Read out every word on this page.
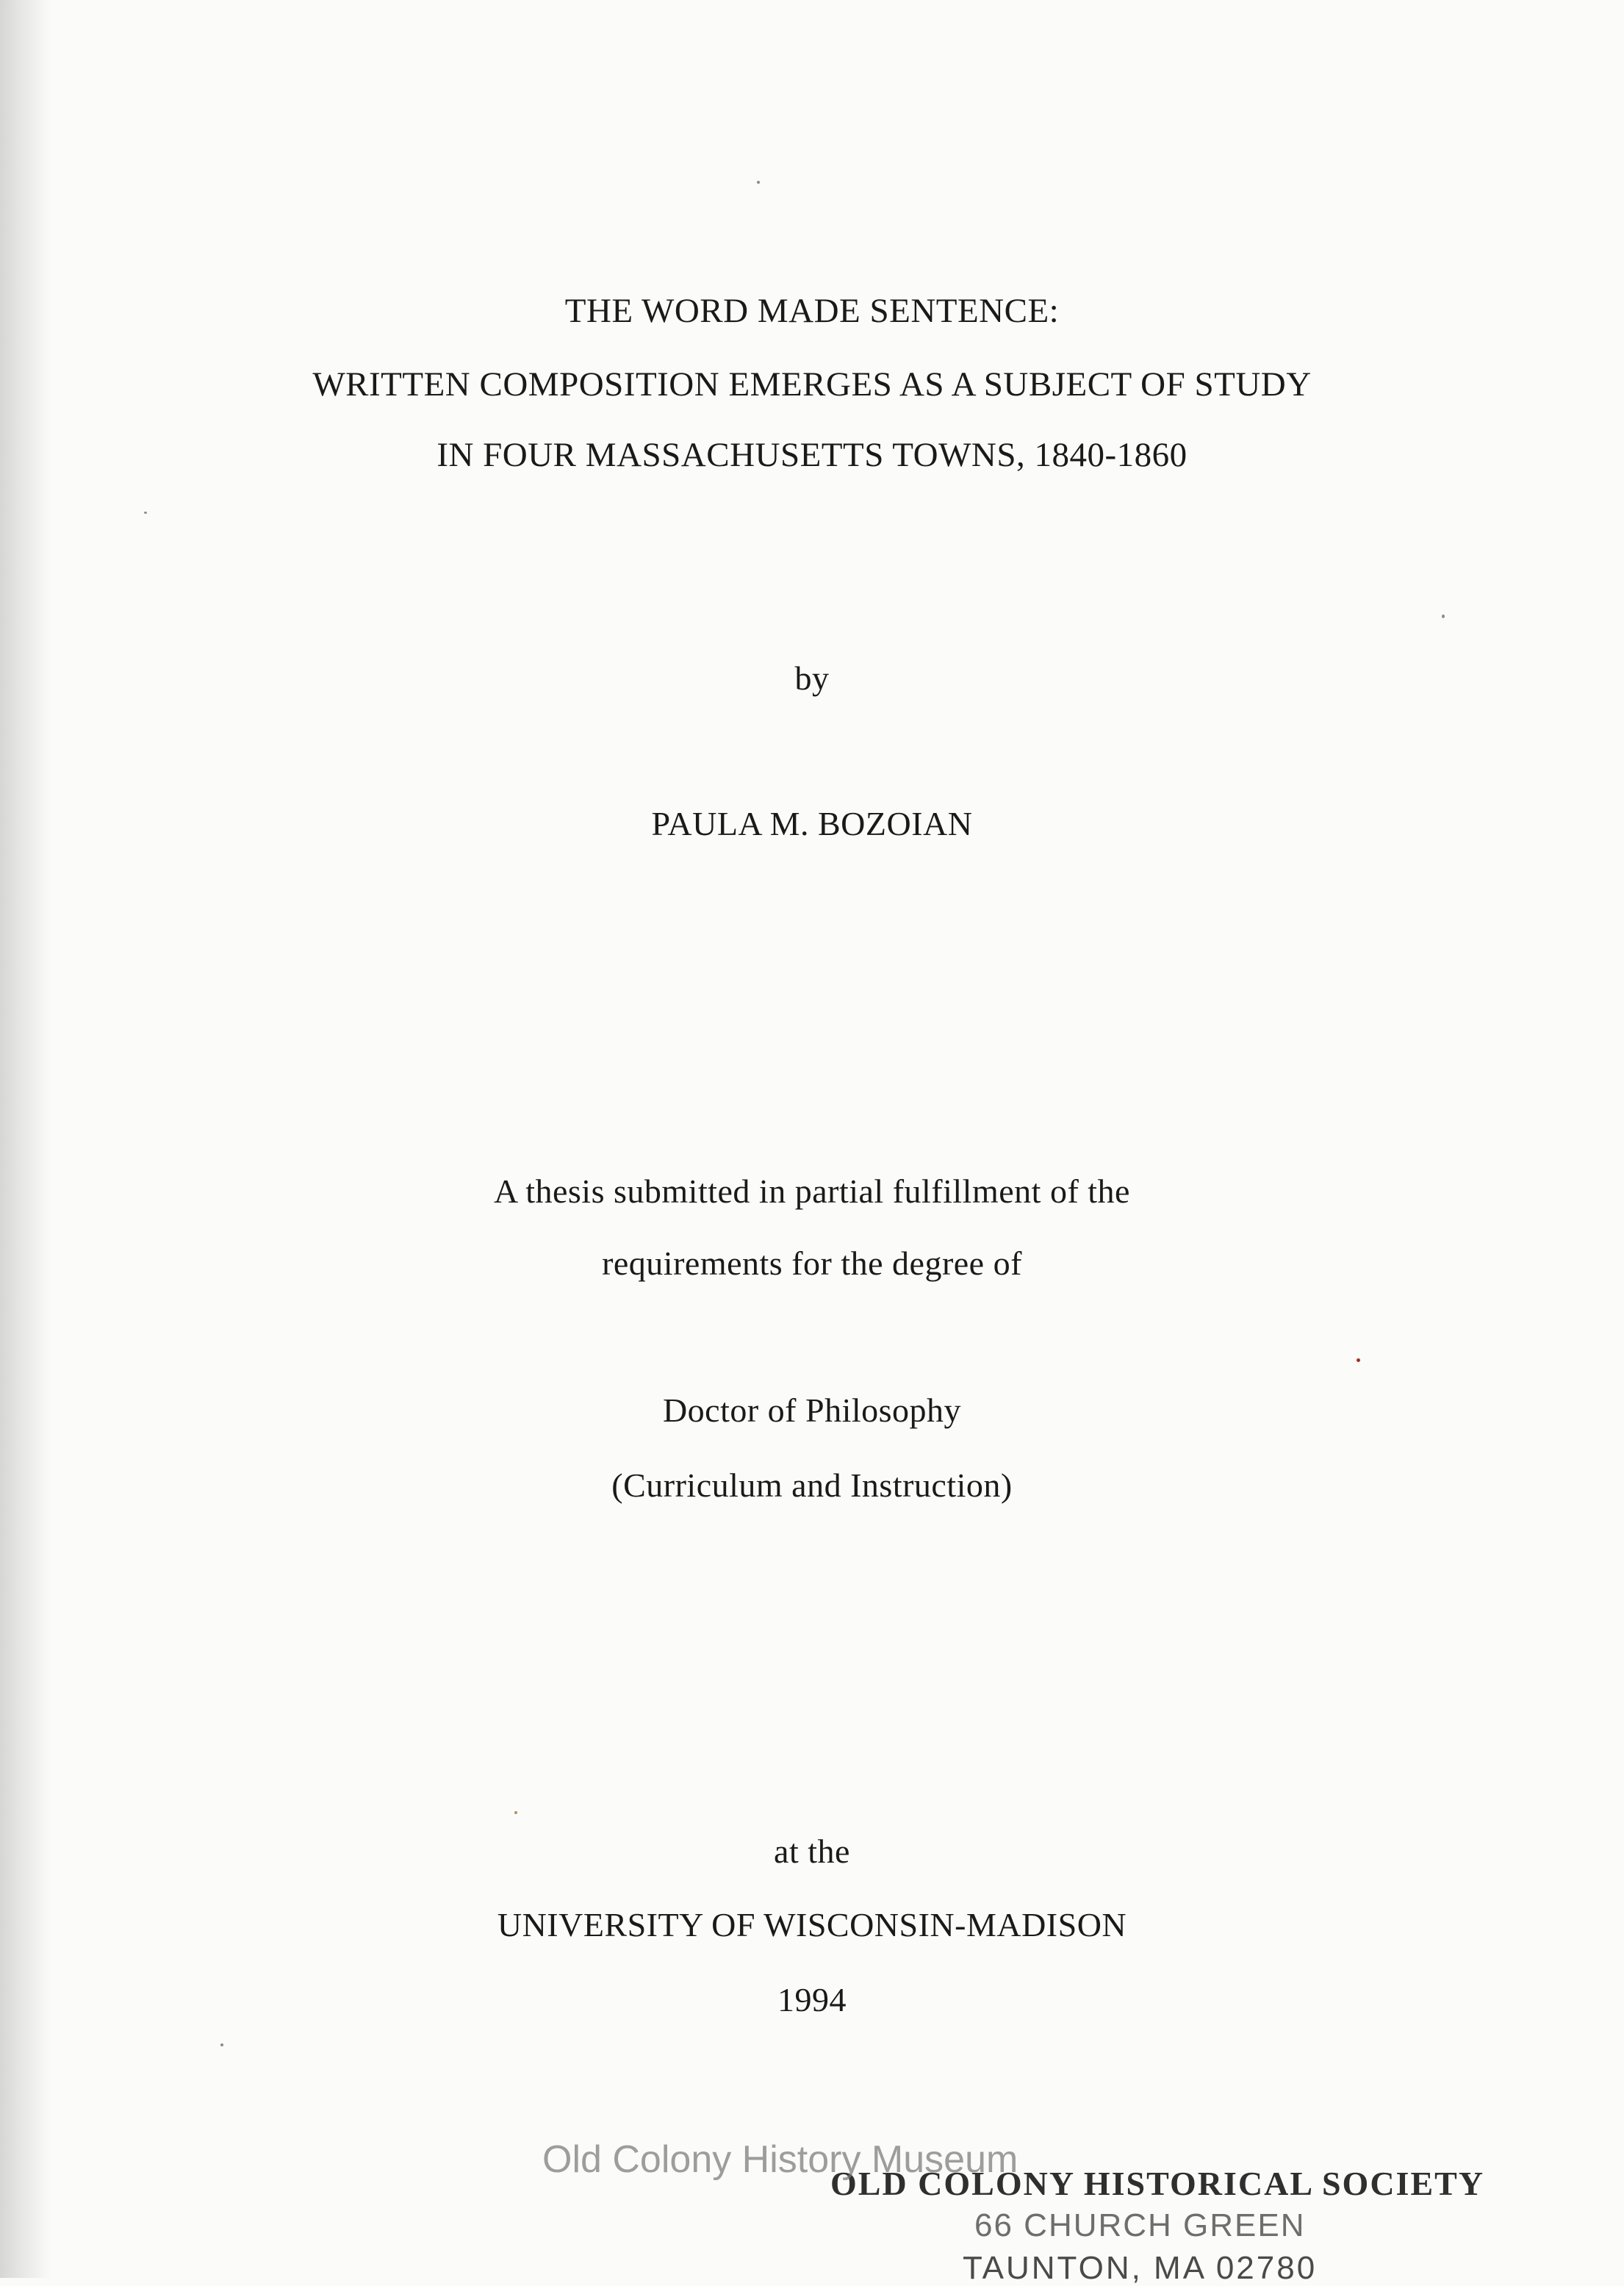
THE WORD MADE SENTENCE:
WRITTEN COMPOSITION EMERGES AS A SUBJECT OF STUDY
IN FOUR MASSACHUSETTS TOWNS, 1840-1860
by
PAULA M. BOZOIAN
A thesis submitted in partial fulfillment of the
requirements for the degree of
Doctor of Philosophy
(Curriculum and Instruction)
at the
UNIVERSITY OF WISCONSIN-MADISON
1994
OLD COLONY HISTORICAL SOCIETY
66 CHURCH GREEN
TAUNTON, MA 02780
Old Colony History Museum
